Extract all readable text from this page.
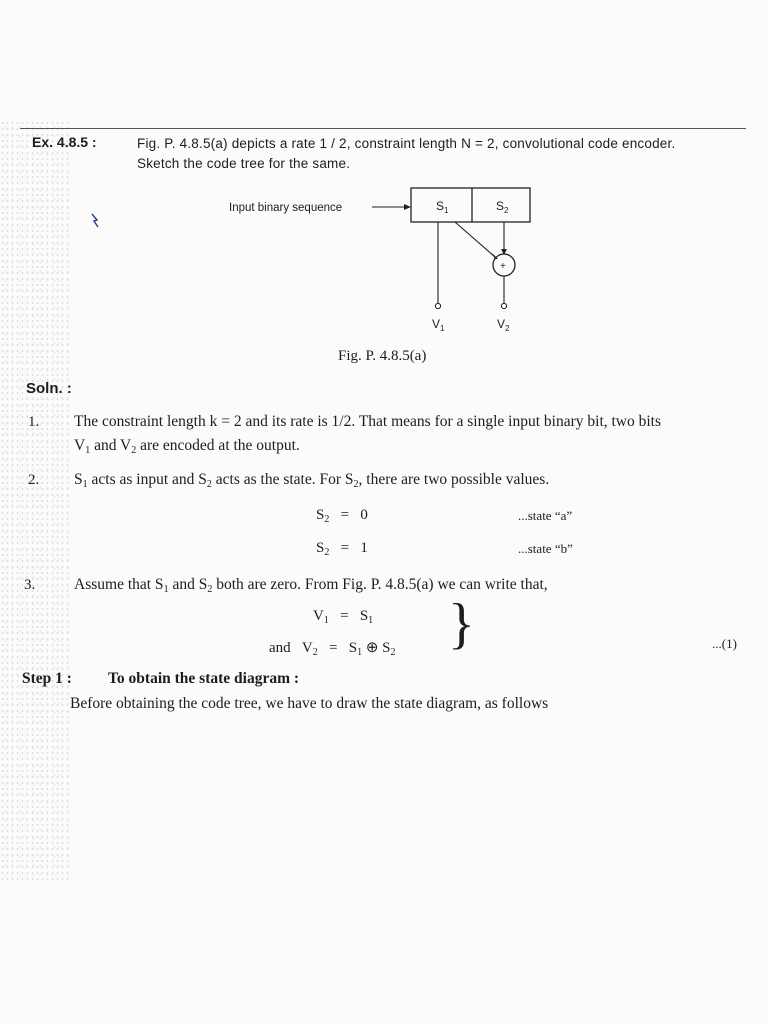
Ex. 4.8.5 :	Fig. P. 4.8.5(a) depicts a rate 1 / 2, constraint length N = 2, convolutional code encoder.
Sketch the code tree for the same.
Input binary sequence	$S_1$	$S_2$
+
$V_1$	$V_2$
Fig. P. 4.8.5(a)
Soln. :
1. The constraint length k = 2 and its rate is 1/2. That means for a single input binary bit, two bits
$V_1$ and $V_2$ are encoded at the output.
2. $S_1$ acts as input and $S_2$ acts as the state. For $S_2$, there are two possible values.
$S_2 = 0$	...state “a”
$S_2 = 1$	...state “b”
3.	Assume that $S_1$ and $S_2$ both are zero. From Fig. P. 4.8.5(a) we can write that,
$V_1 = S_1$
and $V_2 = S_1$ ⊕ $S_2$ }	...(1)
Step 1 : To obtain the state diagram :
Before obtaining the code tree, we have to draw the state diagram, as follows
